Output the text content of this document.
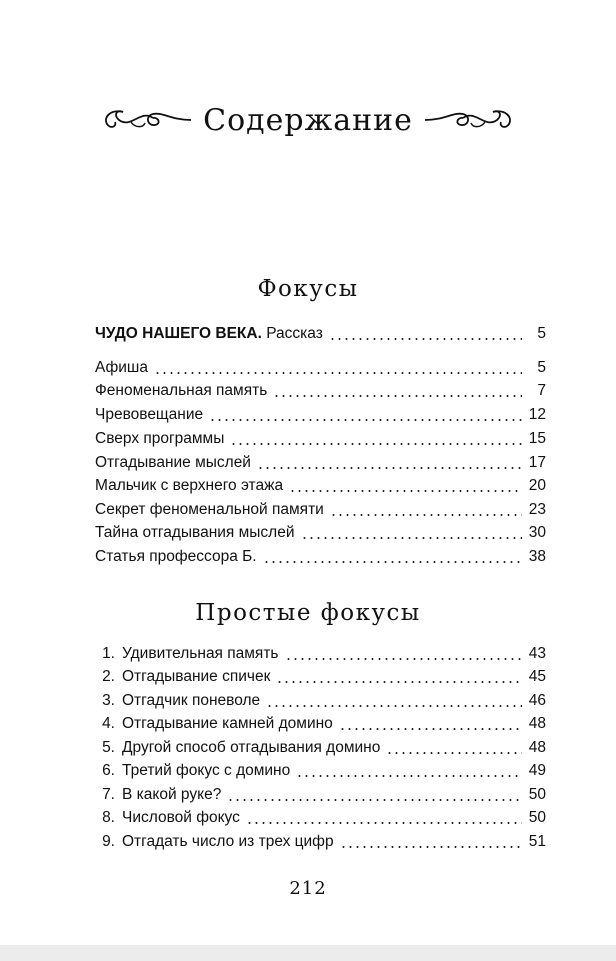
Содержание
Фокусы
ЧУДО НАШЕГО ВЕКА. Рассказ	5
Афиша	5
Феноменальная память	7
Чревовещание	12
Сверх программы	15
Отгадывание мыслей	17
Мальчик с верхнего этажа	20
Секрет феноменальной памяти	23
Тайна отгадывания мыслей	30
Статья профессора Б.	38
Простые фокусы
1. Удивительная память	43
2. Отгадывание спичек	45
3. Отгадчик поневоле	46
4. Отгадывание камней домино	48
5. Другой способ отгадывания домино	48
6. Третий фокус с домино	49
7. В какой руке?	50
8. Числовой фокус	50
9. Отгадать число из трех цифр	51
212
